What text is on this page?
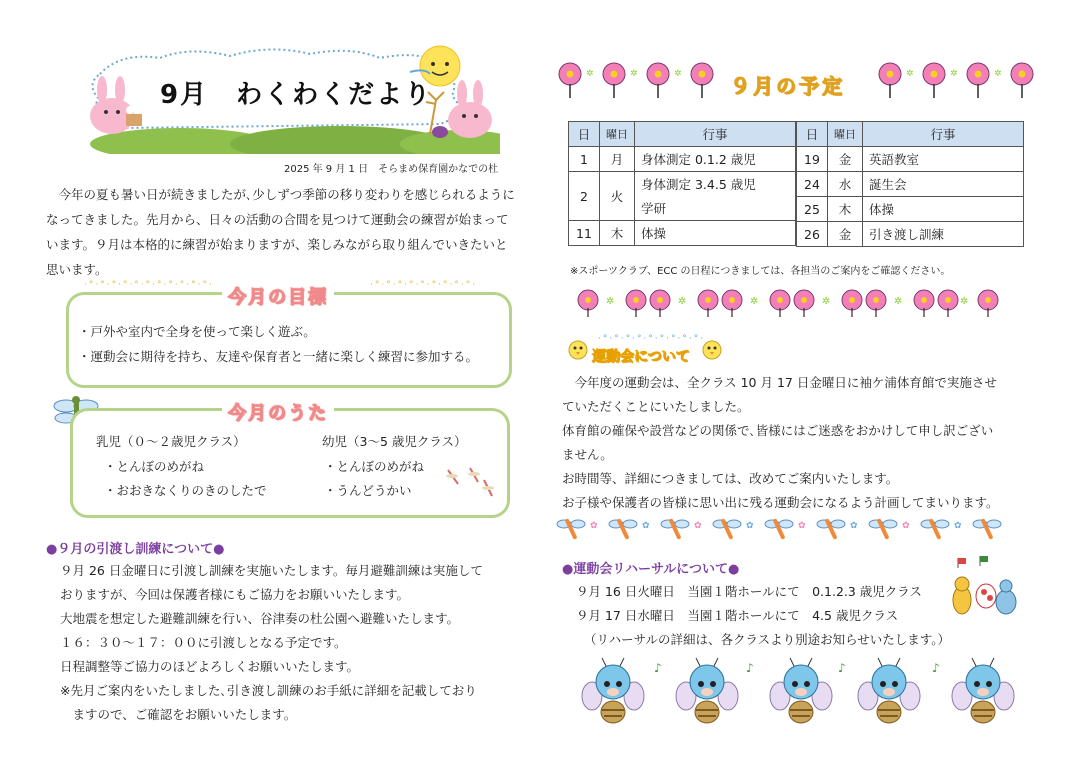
9月　わくわくだより
2025 年 9 月 1 日　そらまめ保育園かなでの杜
今年の夏も暑い日が続きましたが､少しずつ季節の移り変わりを感じられるようになってきました。先月から、日々の活動の合間を見つけて運動会の練習が始まっています。９月は本格的に練習が始まりますが、楽しみながら取り組んでいきたいと思います。
·°·°·°·°·°·°·°·°·°·°·°·	·°·°·°·°·°·°·°·°·°·
今月の目標
・戸外や室内で全身を使って楽しく遊ぶ。
・運動会に期待を持ち、友達や保育者と一緒に楽しく練習に参加する。
今月のうた
乳児（０～２歳児クラス）
・とんぼのめがね
・おおきなくりのきのしたで
幼児（3～5 歳児クラス）
・とんぼのめがね
・うんどうかい
●９月の引渡し訓練について●
９月 26 日金曜日に引渡し訓練を実施いたします。毎月避難訓練は実施して
おりますが、今回は保護者様にもご協力をお願いいたします。
大地震を想定した避難訓練を行い、谷津奏の杜公園へ避難いたします。
１６：３０～１７：００に引渡しとなる予定です。
日程調整等ご協力のほどよろしくお願いいたします。
※先月ご案内をいたしました､引き渡し訓練のお手紙に詳細を記載しており
　ますので、ご確認をお願いいたします。
✲	✲	✲ ９月の予定	✲	✲	✲
日	曜日	行事
1	月	身体測定 0.1.2 歳児
2	火	身体測定 3.4.5 歳児
		学研
11	木	体操
日	曜日	行事
19	金	英語教室
24	水	誕生会
25	木	体操
26	金	引き渡し訓練
※スポーツクラブ、ECC の日程につきましては、各担当のご案内をご確認ください。
✲	✲	✲	✲	✲	✲
·°·°·°·°·°·°·°·°·°·
運動会について
　今年度の運動会は、全クラス 10 月 17 日金曜日に袖ケ浦体育館で実施させ
ていただくことにいたしました。
体育館の確保や設営などの関係で､皆様にはご迷惑をおかけして申し訳ござい
ません。
お時間等、詳細につきましては、改めてご案内いたします。
お子様や保護者の皆様に思い出に残る運動会になるよう計画してまいります。
✿	✿	✿	✿
✿	✿	✿	✿
●運動会リハーサルについて●
９月 16 日火曜日　当園１階ホールにて　0.1.2.3 歳児クラス
９月 17 日水曜日　当園１階ホールにて　4.5 歳児クラス
（リハーサルの詳細は、各クラスより別途お知らせいたします。）
♪	♪	♪	♪
